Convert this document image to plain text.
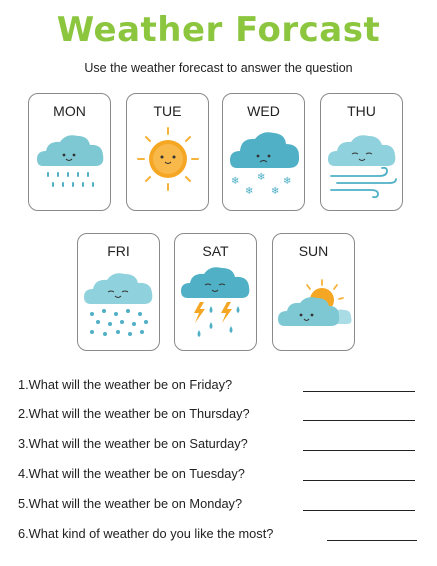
Weather Forcast
Use the weather forecast to answer the question
MON	TUE	WED
❄ ❄ ❄
❄ ❄
THU
FRI	SAT	SUN
1.What will the weather be on Friday?
2.What will the weather be on Thursday?
3.What will the weather be on Saturday?
4.What will the weather be on Tuesday?
5.What will the weather be on Monday?
6.What kind of weather do you like the most?
